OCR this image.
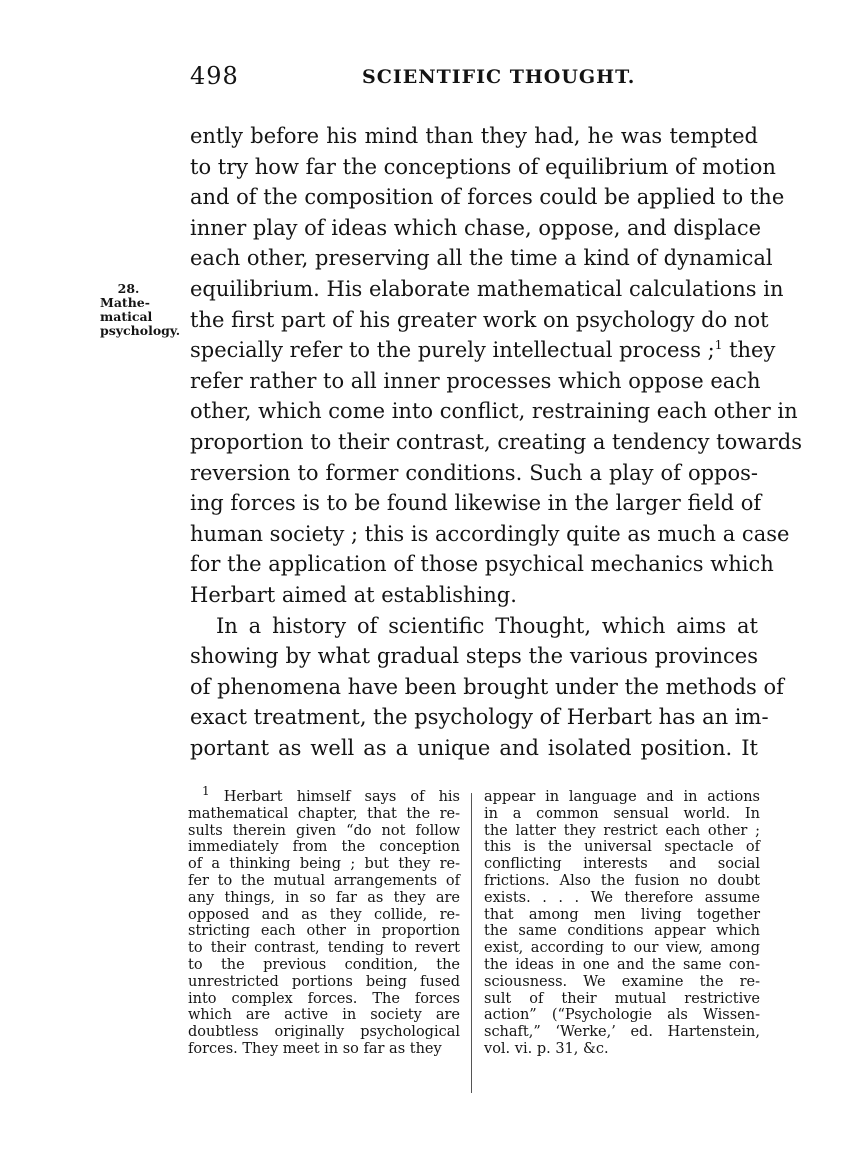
498	SCIENTIFIC THOUGHT.
28.
Mathe-
matical
psychology.
ently before his mind than they had, he was tempted
to try how far the conceptions of equilibrium of motion
and of the composition of forces could be applied to the
inner play of ideas which chase, oppose, and displace
each other, preserving all the time a kind of dynamical
equilibrium. His elaborate mathematical calculations in
the first part of his greater work on psychology do not
specially refer to the purely intellectual process ;$^1$ they
refer rather to all inner processes which oppose each
other, which come into conflict, restraining each other in
proportion to their contrast, creating a tendency towards
reversion to former conditions. Such a play of oppos-
ing forces is to be found likewise in the larger field of
human society ; this is accordingly quite as much a case
for the application of those psychical mechanics which
Herbart aimed at establishing.
In a history of scientific Thought, which aims at
showing by what gradual steps the various provinces
of phenomena have been brought under the methods of
exact treatment, the psychology of Herbart has an im-
portant as well as a unique and isolated position. It
$^1$ Herbart himself says of his
mathematical chapter, that the re-
sults therein given “do not follow
immediately from the conception
of a thinking being ; but they re-
fer to the mutual arrangements of
any things, in so far as they are
opposed and as they collide, re-
stricting each other in proportion
to their contrast, tending to revert
to the previous condition, the
unrestricted portions being fused
into complex forces. The forces
which are active in society are
doubtless originally psychological
forces. They meet in so far as they
appear in language and in actions
in a common sensual world. In
the latter they restrict each other ;
this is the universal spectacle of
conflicting interests and social
frictions. Also the fusion no doubt
exists. . . . We therefore assume
that among men living together
the same conditions appear which
exist, according to our view, among
the ideas in one and the same con-
sciousness. We examine the re-
sult of their mutual restrictive
action” (“Psychologie als Wissen-
schaft,” ‘Werke,’ ed. Hartenstein,
vol. vi. p. 31, &c.
